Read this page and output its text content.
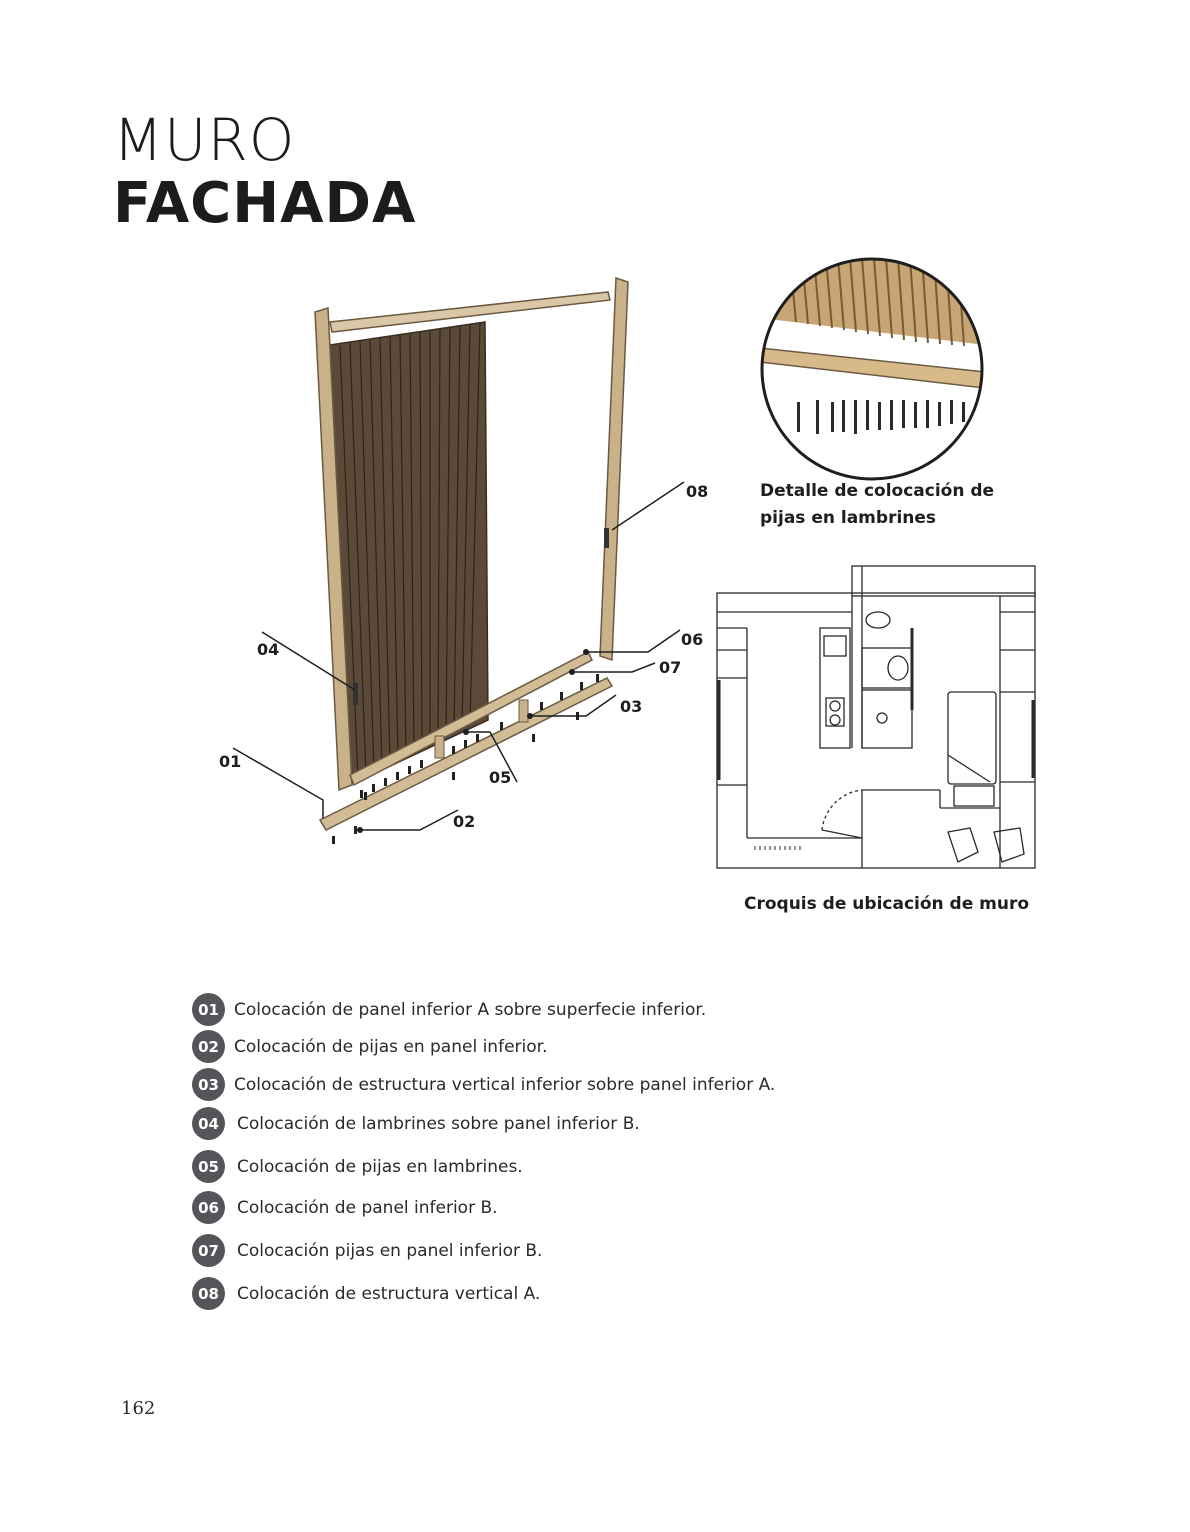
MURO
FACHADA
01
02
03
04
05
06
07
08	Detalle de colocación de
pijas en lambrines
Croquis de ubicación de muro
01 Colocación de panel inferior A sobre superfecie inferior.
02 Colocación de pijas en panel inferior.
03 Colocación de estructura vertical inferior sobre panel inferior A.
04	Colocación de lambrines sobre panel inferior B.
05	Colocación de pijas en lambrines.
06	Colocación de panel inferior B.
07	Colocación pijas en panel inferior B.
08	Colocación de estructura vertical A.
162
